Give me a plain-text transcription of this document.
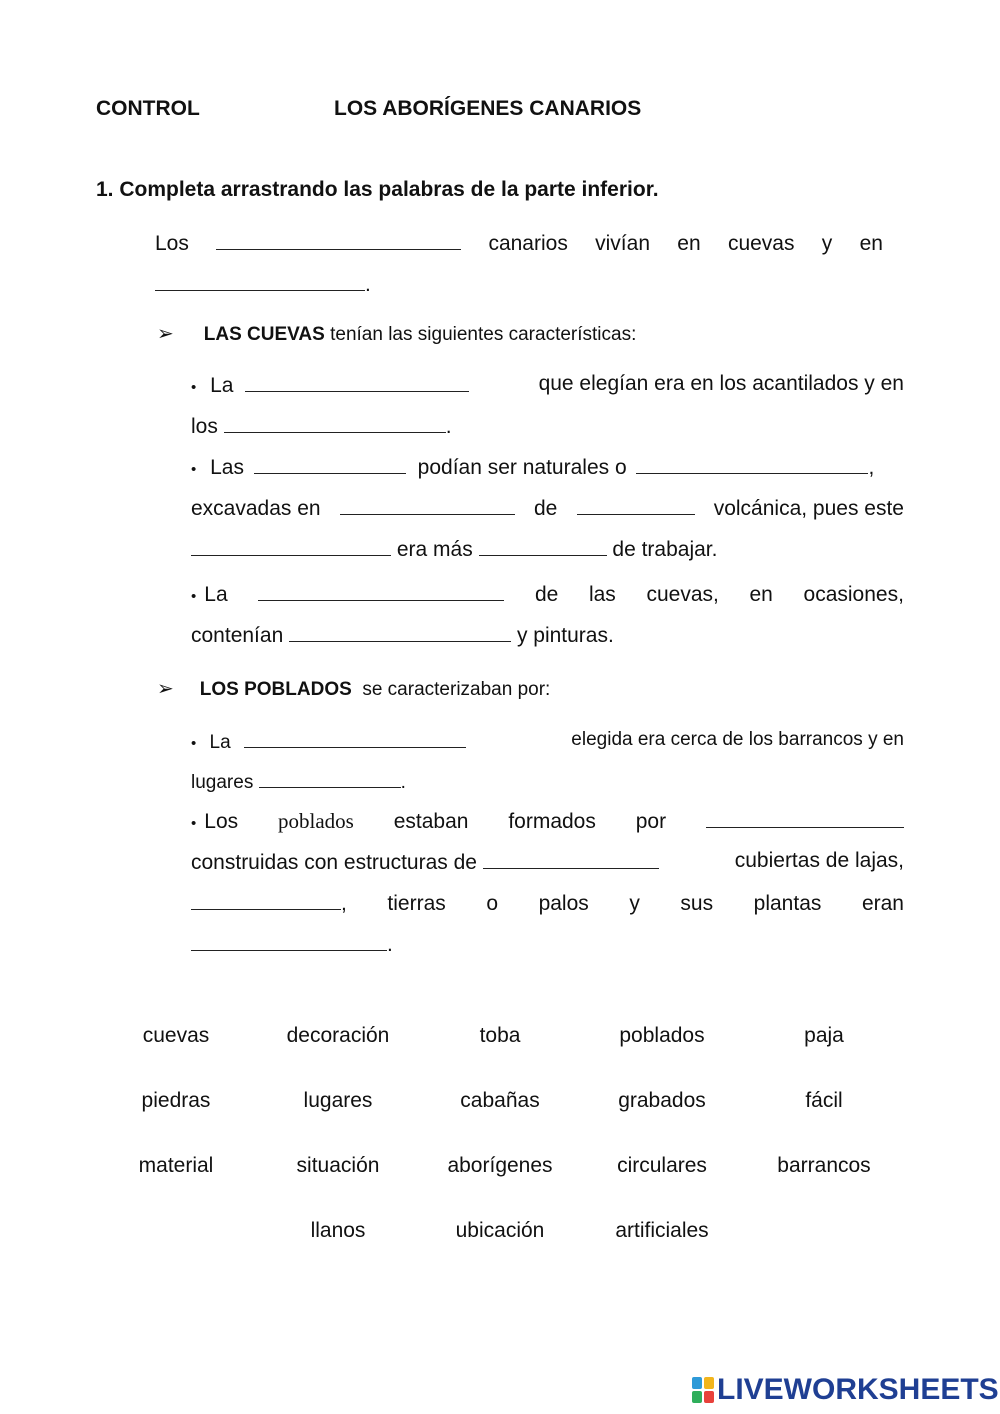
CONTROL	LOS ABORÍGENES CANARIOS
1. Completa arrastrando las palabras de la parte inferior.
Los	canarios vivían en cuevas y en
.
➢ LAS CUEVAS tenían las siguientes características:
• La	que elegían era en los acantilados y en
los	.
• Las	podían ser naturales o	,
excavadas en	de	volcánica, pues este
era más	de trabajar.
• La	de las cuevas, en ocasiones,
contenían	y pinturas.
➢ LOS POBLADOS  se caracterizaban por:
• La	elegida era cerca de los barrancos y en
lugares	.
• Los poblados estaban formados por
construidas con estructuras de	cubiertas de lajas,
, tierras o palos y sus plantas eran
.
cuevas	decoración	toba	poblados	paja
piedras	lugares	cabañas	grabados	fácil
material	situación	aborígenes	circulares	barrancos
llanos	ubicación	artificiales
LIVEWORKSHEETS
